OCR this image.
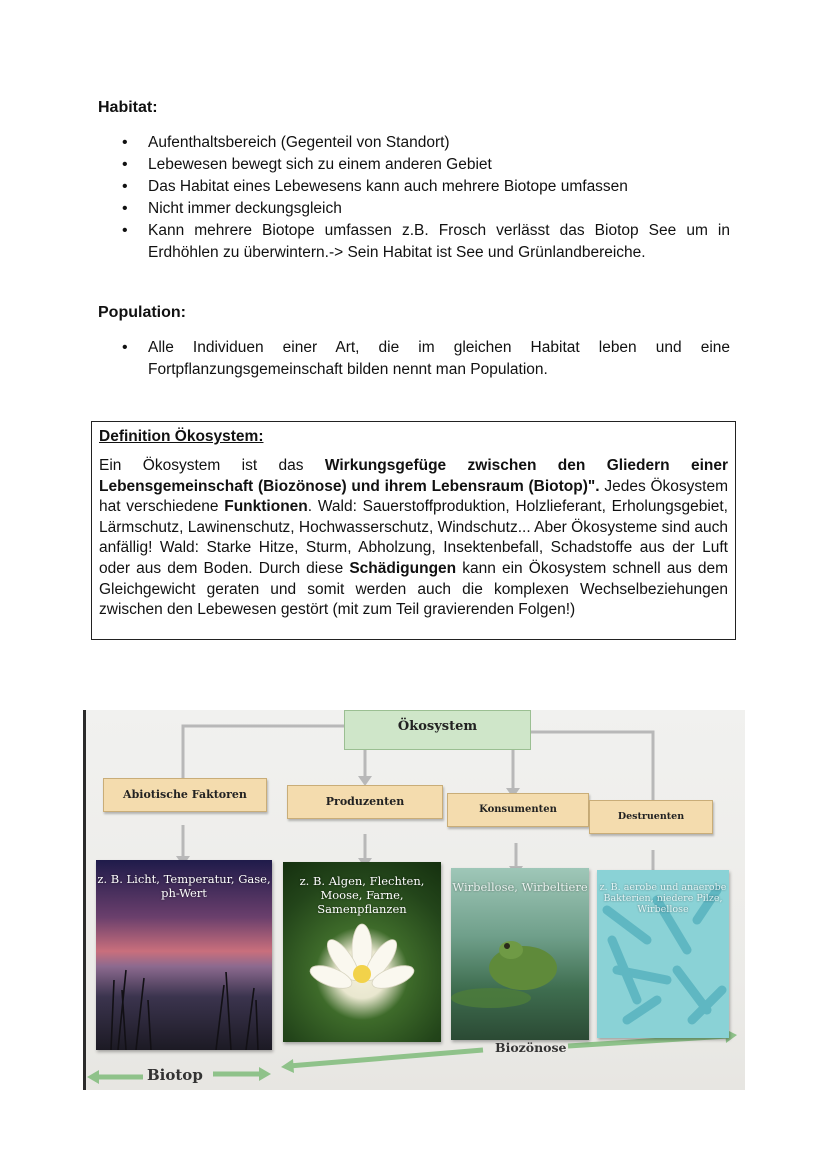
Habitat:
• Aufenthaltsbereich (Gegenteil von Standort)
• Lebewesen bewegt sich zu einem anderen Gebiet
• Das Habitat eines Lebewesens kann auch mehrere Biotope umfassen
• Nicht immer deckungsgleich
• Kann mehrere Biotope umfassen z.B. Frosch verlässt das Biotop See um in Erdhöhlen zu überwintern.-> Sein Habitat ist See und Grünlandbereiche.
Population:
• Alle Individuen einer Art, die im gleichen Habitat leben und eine Fortpflanzungsgemeinschaft bilden nennt man Population.
Definition Ökosystem:
Ein Ökosystem ist das Wirkungsgefüge zwischen den Gliedern einer Lebensgemeinschaft (Biozönose) und ihrem Lebensraum (Biotop)". Jedes Ökosystem hat verschiedene Funktionen. Wald: Sauerstoffproduktion, Holzlieferant, Erholungsgebiet, Lärmschutz, Lawinenschutz, Hochwasserschutz, Windschutz... Aber Ökosysteme sind auch anfällig! Wald: Starke Hitze, Sturm, Abholzung, Insektenbefall, Schadstoffe aus der Luft oder aus dem Boden. Durch diese Schädigungen kann ein Ökosystem schnell aus dem Gleichgewicht geraten und somit werden auch die komplexen Wechselbeziehungen zwischen den Lebewesen gestört (mit zum Teil gravierenden Folgen!)
Ökosystem
Abiotische Faktoren
Produzenten
Konsumenten
Destruenten
z. B. Licht, Temperatur, Gase, ph-Wert
z. B. Algen, Flechten, Moose, Farne, Samenpflanzen
Wirbellose, Wirbeltiere z. B. aerobe und anaerobe Bakterien, niedere Pilze, Wirbellose
Biotop
Biozönose
